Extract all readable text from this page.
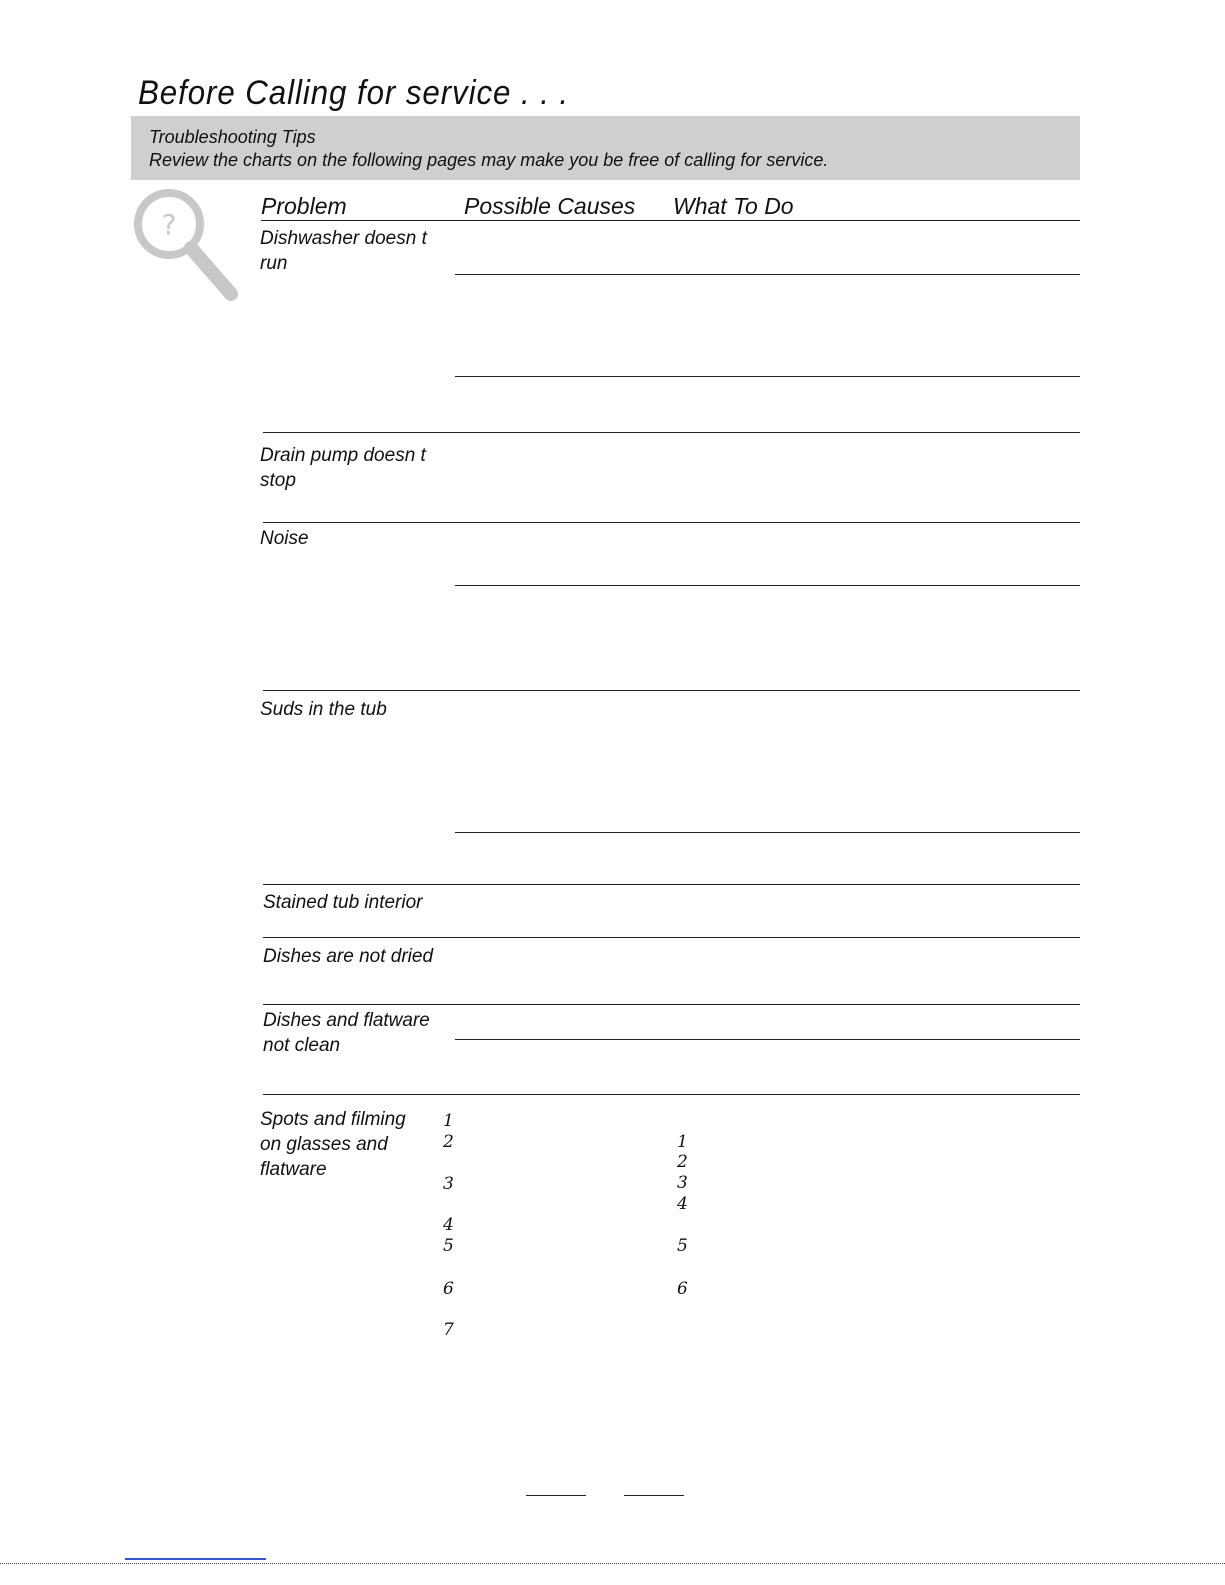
Before Calling for service . . .
Troubleshooting Tips
Review the charts on the following pages may make you be free of calling for service.
?
Problem	Possible Causes What To Do
Dishwasher doesn t
run
Drain pump doesn t
stop
Noise
Suds in the tub
Stained tub interior
Dishes are not dried
Dishes and flatware
not clean
Spots and filming
on glasses and
flatware
1
2
3
4
5
6
7
1
2
3
4
5
6
